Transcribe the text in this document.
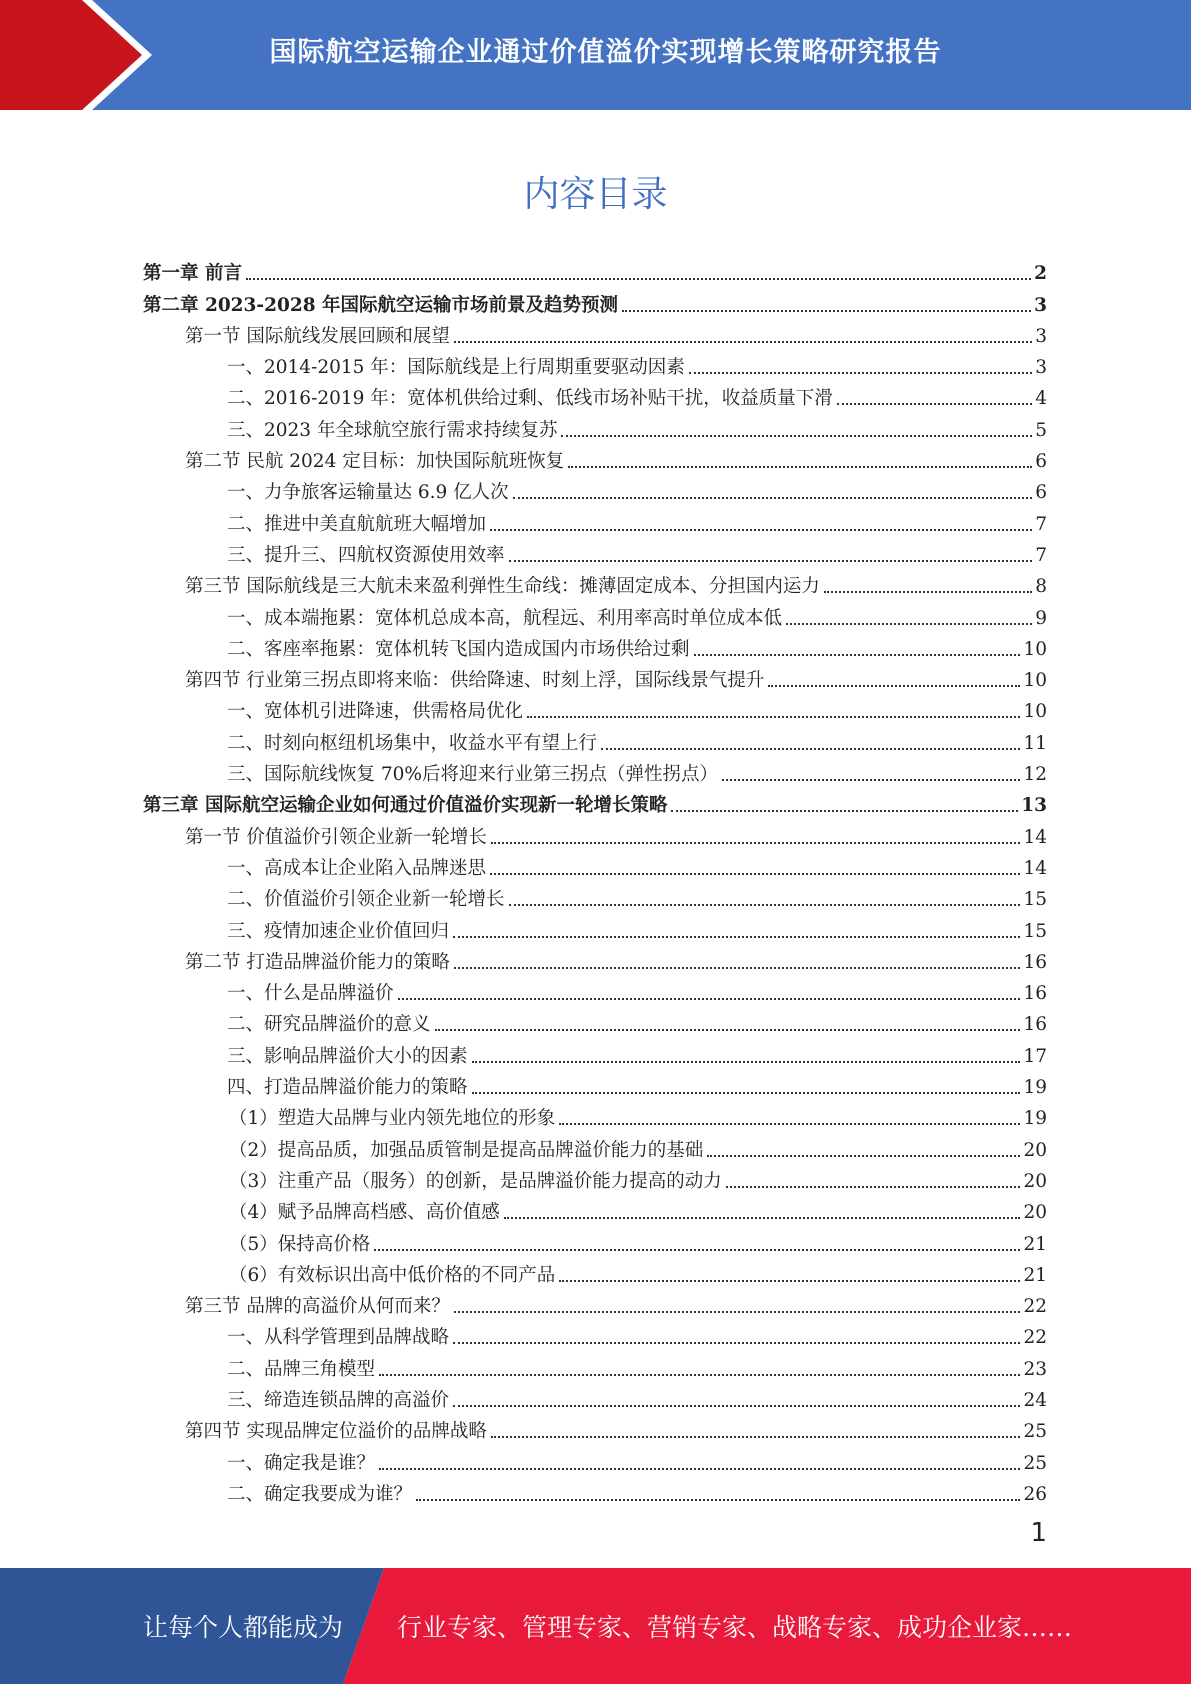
国际航空运输企业通过价值溢价实现增长策略研究报告
内容目录
第一章 前言	2
第二章 2023-2028 年国际航空运输市场前景及趋势预测	3
第一节 国际航线发展回顾和展望	3
一、2014-2015 年：国际航线是上行周期重要驱动因素	3
二、2016-2019 年：宽体机供给过剩、低线市场补贴干扰，收益质量下滑	4
三、2023 年全球航空旅行需求持续复苏	5
第二节 民航 2024 定目标：加快国际航班恢复	6
一、力争旅客运输量达 6.9 亿人次	6
二、推进中美直航航班大幅增加	7
三、提升三、四航权资源使用效率	7
第三节 国际航线是三大航未来盈利弹性生命线：摊薄固定成本、分担国内运力	8
一、成本端拖累：宽体机总成本高，航程远、利用率高时单位成本低	9
二、客座率拖累：宽体机转飞国内造成国内市场供给过剩	10
第四节 行业第三拐点即将来临：供给降速、时刻上浮，国际线景气提升	10
一、宽体机引进降速，供需格局优化	10
二、时刻向枢纽机场集中，收益水平有望上行	11
三、国际航线恢复 70%后将迎来行业第三拐点（弹性拐点）	12
第三章 国际航空运输企业如何通过价值溢价实现新一轮增长策略	13
第一节 价值溢价引领企业新一轮增长	14
一、高成本让企业陷入品牌迷思	14
二、价值溢价引领企业新一轮增长	15
三、疫情加速企业价值回归	15
第二节 打造品牌溢价能力的策略	16
一、什么是品牌溢价	16
二、研究品牌溢价的意义	16
三、影响品牌溢价大小的因素	17
四、打造品牌溢价能力的策略	19
（1）塑造大品牌与业内领先地位的形象	19
（2）提高品质，加强品质管制是提高品牌溢价能力的基础	20
（3）注重产品（服务）的创新，是品牌溢价能力提高的动力	20
（4）赋予品牌高档感、高价值感	20
（5）保持高价格	21
（6）有效标识出高中低价格的不同产品	21
第三节 品牌的高溢价从何而来？	22
一、从科学管理到品牌战略	22
二、品牌三角模型	23
三、缔造连锁品牌的高溢价	24
第四节 实现品牌定位溢价的品牌战略	25
一、确定我是谁？	25
二、确定我要成为谁？	26
1
让每个人都能成为 行业专家、管理专家、营销专家、战略专家、成功企业家……
